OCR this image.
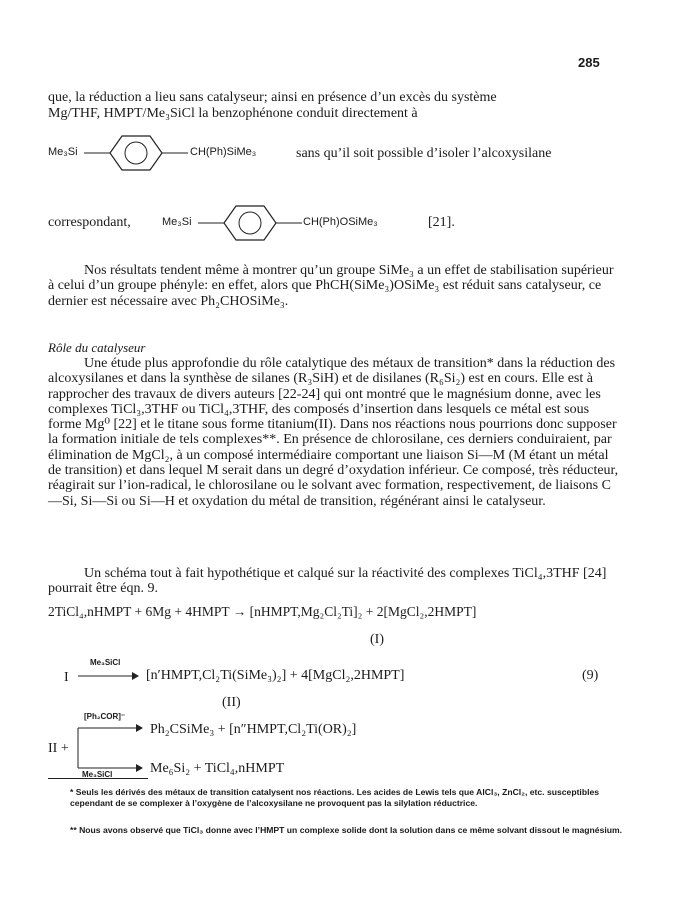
285
que, la réduction a lieu sans catalyseur; ainsi en présence d’un excès du système
Mg/THF, HMPT/Me₃SiCl la benzophénone conduit directement à
Me₃Si	CH(Ph)SiMe₃	sans qu’il soit possible d’isoler l’alcoxysilane
correspondant,	Me₃Si	CH(Ph)OSiMe₃	[21].

Nos résultats tendent même à montrer qu’un groupe SiMe₃ a un effet de stabilisation supérieur à celui d’un groupe phényle: en effet, alors que PhCH(SiMe₃)OSiMe₃ est réduit sans catalyseur, ce dernier est nécessaire avec Ph₂CHOSiMe₃.

Rôle du catalyseur

Une étude plus approfondie du rôle catalytique des métaux de transition* dans la réduction des alcoxysilanes et dans la synthèse de silanes (R₃SiH) et de disilanes (R₆Si₂) est en cours. Elle est à rapprocher des travaux de divers auteurs [22-24] qui ont montré que le magnésium donne, avec les complexes TiCl₃,3THF ou TiCl₄,3THF, des composés d’insertion dans lesquels ce métal est sous forme Mg⁰ [22] et le titane sous forme titanium(II). Dans nos réactions nous pourrions donc supposer la formation initiale de tels complexes**. En présence de chlorosilane, ces derniers conduiraient, par élimination de MgCl₂, à un composé intermédiaire comportant une liaison Si—M (M étant un métal de transition) et dans lequel M serait dans un degré d’oxydation inférieur. Ce composé, très réducteur, réagirait sur l’ion-radical, le chlorosilane ou le solvant avec formation, respectivement, de liaisons C—Si, Si—Si ou Si—H et oxydation du métal de transition, régénérant ainsi le catalyseur.

Un schéma tout à fait hypothétique et calqué sur la réactivité des complexes TiCl₄,3THF [24] pourrait être éqn. 9.

2TiCl₄,nHMPT + 6Mg + 4HMPT → [nHMPT,Mg₂Cl₂Ti]₂ + 2[MgCl₂,2HMPT]
(I)
I
Me₃SiCl
→ [n′HMPT,Cl₂Ti(SiMe₃)₂] + 4[MgCl₂,2HMPT]	(9)
(II)
II +
[Ph₂COR]⁻
Ph₂CSiMe₃ + [n″HMPT,Cl₂Ti(OR)₂]
Me₃SiCl	Me₆Si₂ + TiCl₄,nHMPT
* Seuls les dérivés des métaux de transition catalysent nos réactions. Les acides de Lewis tels que AlCl₃, ZnCl₂, etc. susceptibles cependant de se complexer à l’oxygène de l’alcoxysilane ne provoquent pas la silylation réductrice.
** Nous avons observé que TiCl₃ donne avec l’HMPT un complexe solide dont la solution dans ce même solvant dissout le magnésium.
